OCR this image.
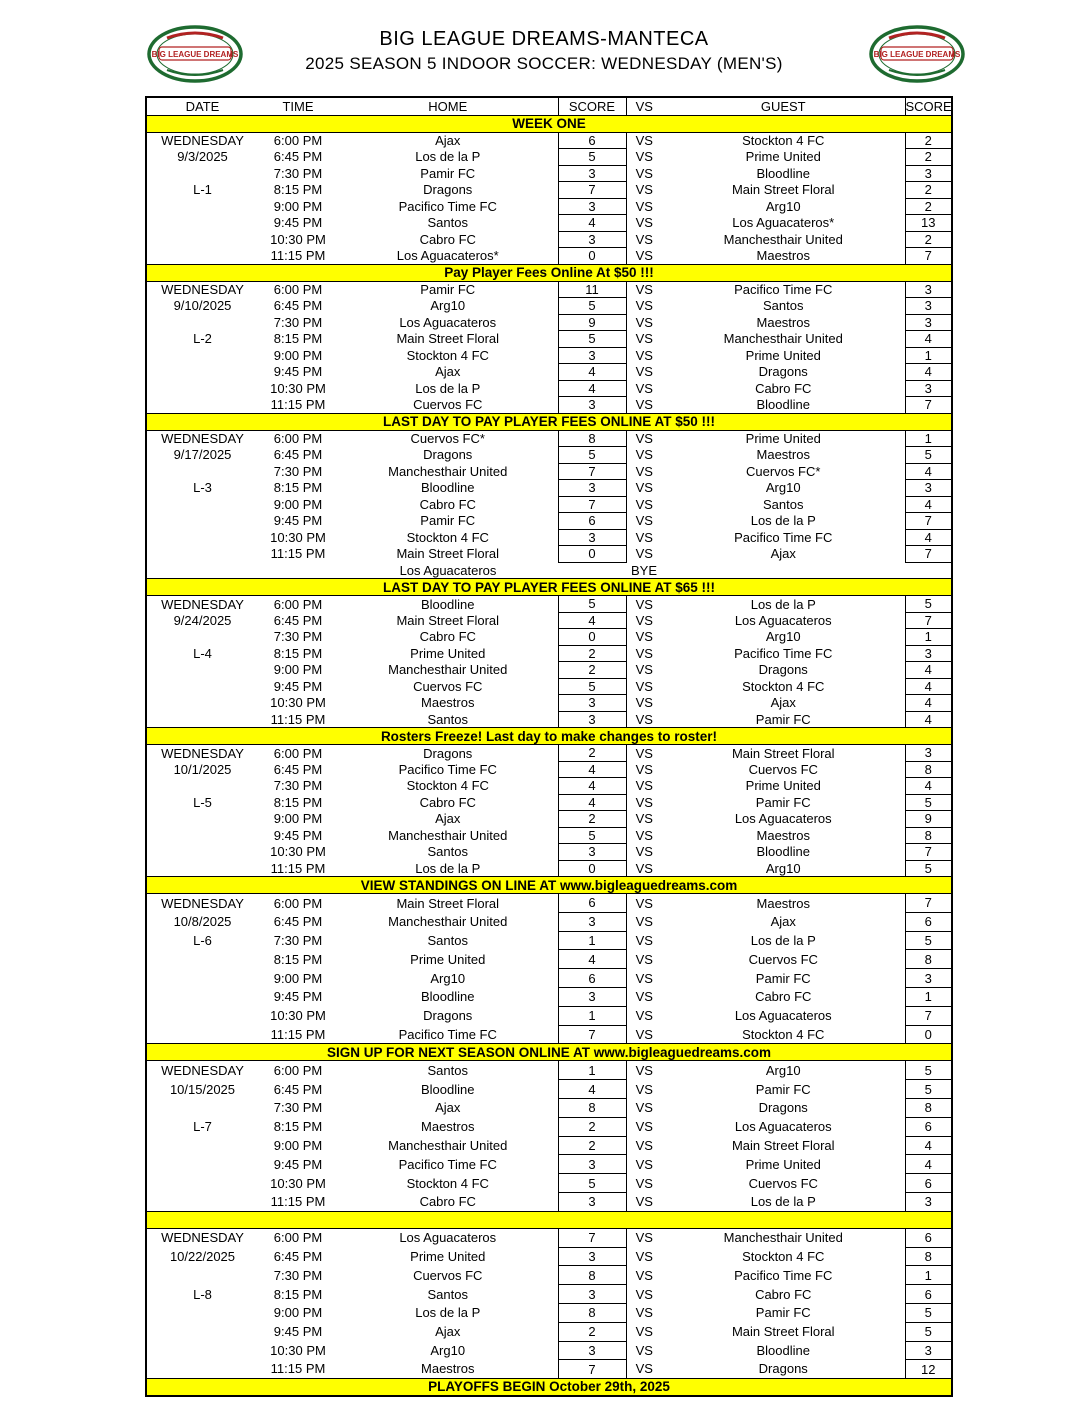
BIG LEAGUE DREAMS
BIG LEAGUE DREAMS-MANTECA
2025 SEASON 5 INDOOR SOCCER: WEDNESDAY (MEN'S)	BIG LEAGUE DREAMS
DATE	TIME	HOME	SCORE	VS	GUEST	SCORE
WEEK ONE						
WEDNESDAY	6:00 PM	Ajax	6	VS	Stockton 4 FC	2
9/3/2025	6:45 PM	Los de la P	5	VS	Prime United	2
	7:30 PM	Pamir FC	3	VS	Bloodline	3
L-1	8:15 PM	Dragons	7	VS	Main Street Floral	2
	9:00 PM	Pacifico Time FC	3	VS	Arg10	2
	9:45 PM	Santos	4	VS	Los Aguacateros*	13
	10:30 PM	Cabro FC	3	VS	Manchesthair United	2
	11:15 PM	Los Aguacateros*	0	VS	Maestros	7
Pay Player Fees Online At $50 !!!						
WEDNESDAY	6:00 PM	Pamir FC	11	VS	Pacifico Time FC	3
9/10/2025	6:45 PM	Arg10	5	VS	Santos	3
	7:30 PM	Los Aguacateros	9	VS	Maestros	3
L-2	8:15 PM	Main Street Floral	5	VS	Manchesthair United	4
	9:00 PM	Stockton 4 FC	3	VS	Prime United	1
	9:45 PM	Ajax	4	VS	Dragons	4
	10:30 PM	Los de la P	4	VS	Cabro FC	3
	11:15 PM	Cuervos FC	3	VS	Bloodline	7
LAST DAY TO PAY PLAYER FEES ONLINE AT $50 !!!						
WEDNESDAY	6:00 PM	Cuervos FC*	8	VS	Prime United	1
9/17/2025	6:45 PM	Dragons	5	VS	Maestros	5
	7:30 PM	Manchesthair United	7	VS	Cuervos FC*	4
L-3	8:15 PM	Bloodline	3	VS	Arg10	3
	9:00 PM	Cabro FC	7	VS	Santos	4
	9:45 PM	Pamir FC	6	VS	Los de la P	7
	10:30 PM	Stockton 4 FC	3	VS	Pacifico Time FC	4
	11:15 PM	Main Street Floral	0	VS	Ajax	7
		Los Aguacateros		BYE		
LAST DAY TO PAY PLAYER FEES ONLINE AT $65 !!!						
WEDNESDAY	6:00 PM	Bloodline	5	VS	Los de la P	5
9/24/2025	6:45 PM	Main Street Floral	4	VS	Los Aguacateros	7
	7:30 PM	Cabro FC	0	VS	Arg10	1
L-4	8:15 PM	Prime United	2	VS	Pacifico Time FC	3
	9:00 PM	Manchesthair United	2	VS	Dragons	4
	9:45 PM	Cuervos FC	5	VS	Stockton 4 FC	4
	10:30 PM	Maestros	3	VS	Ajax	4
	11:15 PM	Santos	3	VS	Pamir FC	4
Rosters Freeze! Last day to make changes to roster!						
WEDNESDAY	6:00 PM	Dragons	2	VS	Main Street Floral	3
10/1/2025	6:45 PM	Pacifico Time FC	4	VS	Cuervos FC	8
	7:30 PM	Stockton 4 FC	4	VS	Prime United	4
L-5	8:15 PM	Cabro FC	4	VS	Pamir FC	5
	9:00 PM	Ajax	2	VS	Los Aguacateros	9
	9:45 PM	Manchesthair United	5	VS	Maestros	8
	10:30 PM	Santos	3	VS	Bloodline	7
	11:15 PM	Los de la P	0	VS	Arg10	5
VIEW STANDINGS ON LINE AT www.bigleaguedreams.com						
WEDNESDAY	6:00 PM	Main Street Floral	6	VS	Maestros	7
10/8/2025	6:45 PM	Manchesthair United	3	VS	Ajax	6
L-6	7:30 PM	Santos	1	VS	Los de la P	5
	8:15 PM	Prime United	4	VS	Cuervos FC	8
	9:00 PM	Arg10	6	VS	Pamir FC	3
	9:45 PM	Bloodline	3	VS	Cabro FC	1
	10:30 PM	Dragons	1	VS	Los Aguacateros	7
	11:15 PM	Pacifico Time FC	7	VS	Stockton 4 FC	0
SIGN UP FOR NEXT SEASON ONLINE AT www.bigleaguedreams.com						
WEDNESDAY	6:00 PM	Santos	1	VS	Arg10	5
10/15/2025	6:45 PM	Bloodline	4	VS	Pamir FC	5
	7:30 PM	Ajax	8	VS	Dragons	8
L-7	8:15 PM	Maestros	2	VS	Los Aguacateros	6
	9:00 PM	Manchesthair United	2	VS	Main Street Floral	4
	9:45 PM	Pacifico Time FC	3	VS	Prime United	4
	10:30 PM	Stockton 4 FC	5	VS	Cuervos FC	6
	11:15 PM	Cabro FC	3	VS	Los de la P	3

WEDNESDAY	6:00 PM	Los Aguacateros	7	VS	Manchesthair United	6
10/22/2025	6:45 PM	Prime United	3	VS	Stockton 4 FC	8
	7:30 PM	Cuervos FC	8	VS	Pacifico Time FC	1
L-8	8:15 PM	Santos	3	VS	Cabro FC	6
	9:00 PM	Los de la P	8	VS	Pamir FC	5
	9:45 PM	Ajax	2	VS	Main Street Floral	5
	10:30 PM	Arg10	3	VS	Bloodline	3
	11:15 PM	Maestros	7	VS	Dragons	12
PLAYOFFS BEGIN October 29th, 2025						
